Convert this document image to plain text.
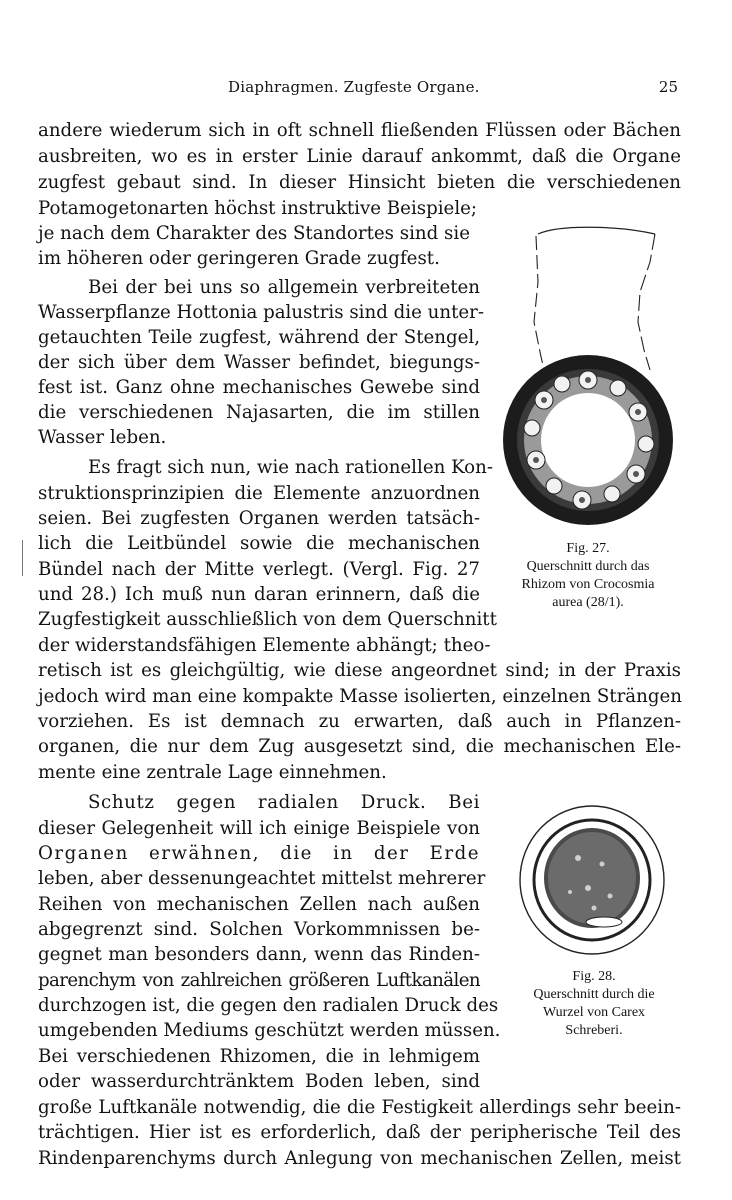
Diaphragmen. Zugfeste Organe.	25
andere wiederum sich in oft schnell fließenden Flüssen oder Bächen
ausbreiten, wo es in erster Linie darauf ankommt, daß die Organe
zugfest gebaut sind. In dieser Hinsicht bieten die verschiedenen
Potamogetonarten höchst instruktive Beispiele;
je nach dem Charakter des Standortes sind sie
im höheren oder geringeren Grade zugfest.
Bei der bei uns so allgemein verbreiteten
Wasserpflanze Hottonia palustris sind die unter-
getauchten Teile zugfest, während der Stengel,
der sich über dem Wasser befindet, biegungs-
fest ist. Ganz ohne mechanisches Gewebe sind
die verschiedenen Najasarten, die im stillen
Wasser leben.
Es fragt sich nun, wie nach rationellen Kon-
struktionsprinzipien die Elemente anzuordnen
seien. Bei zugfesten Organen werden tatsäch-
lich die Leitbündel sowie die mechanischen
Bündel nach der Mitte verlegt. (Vergl. Fig. 27
und 28.) Ich muß nun daran erinnern, daß die
Zugfestigkeit ausschließlich von dem Querschnitt
der widerstandsfähigen Elemente abhängt; theo-
retisch ist es gleichgültig, wie diese angeordnet sind; in der Praxis
jedoch wird man eine kompakte Masse isolierten, einzelnen Strängen
vorziehen. Es ist demnach zu erwarten, daß auch in Pflanzen-
organen, die nur dem Zug ausgesetzt sind, die mechanischen Ele-
mente eine zentrale Lage einnehmen.
Schutz gegen radialen Druck. Bei
dieser Gelegenheit will ich einige Beispiele von
Organen erwähnen, die in der Erde
leben, aber dessenungeachtet mittelst mehrerer
Reihen von mechanischen Zellen nach außen
abgegrenzt sind. Solchen Vorkommnissen be-
gegnet man besonders dann, wenn das Rinden-
parenchym von zahlreichen größeren Luftkanälen
durchzogen ist, die gegen den radialen Druck des
umgebenden Mediums geschützt werden müssen.
Bei verschiedenen Rhizomen, die in lehmigem
oder wasserdurchtränktem Boden leben, sind
große Luftkanäle notwendig, die die Festigkeit allerdings sehr beein-
trächtigen. Hier ist es erforderlich, daß der peripherische Teil des
Rindenparenchyms durch Anlegung von mechanischen Zellen, meist
Fig. 27.
Querschnitt durch das
Rhizom von Crocosmia
aurea (28/1).
Fig. 28.
Querschnitt durch die
Wurzel von Carex
Schreberi.
